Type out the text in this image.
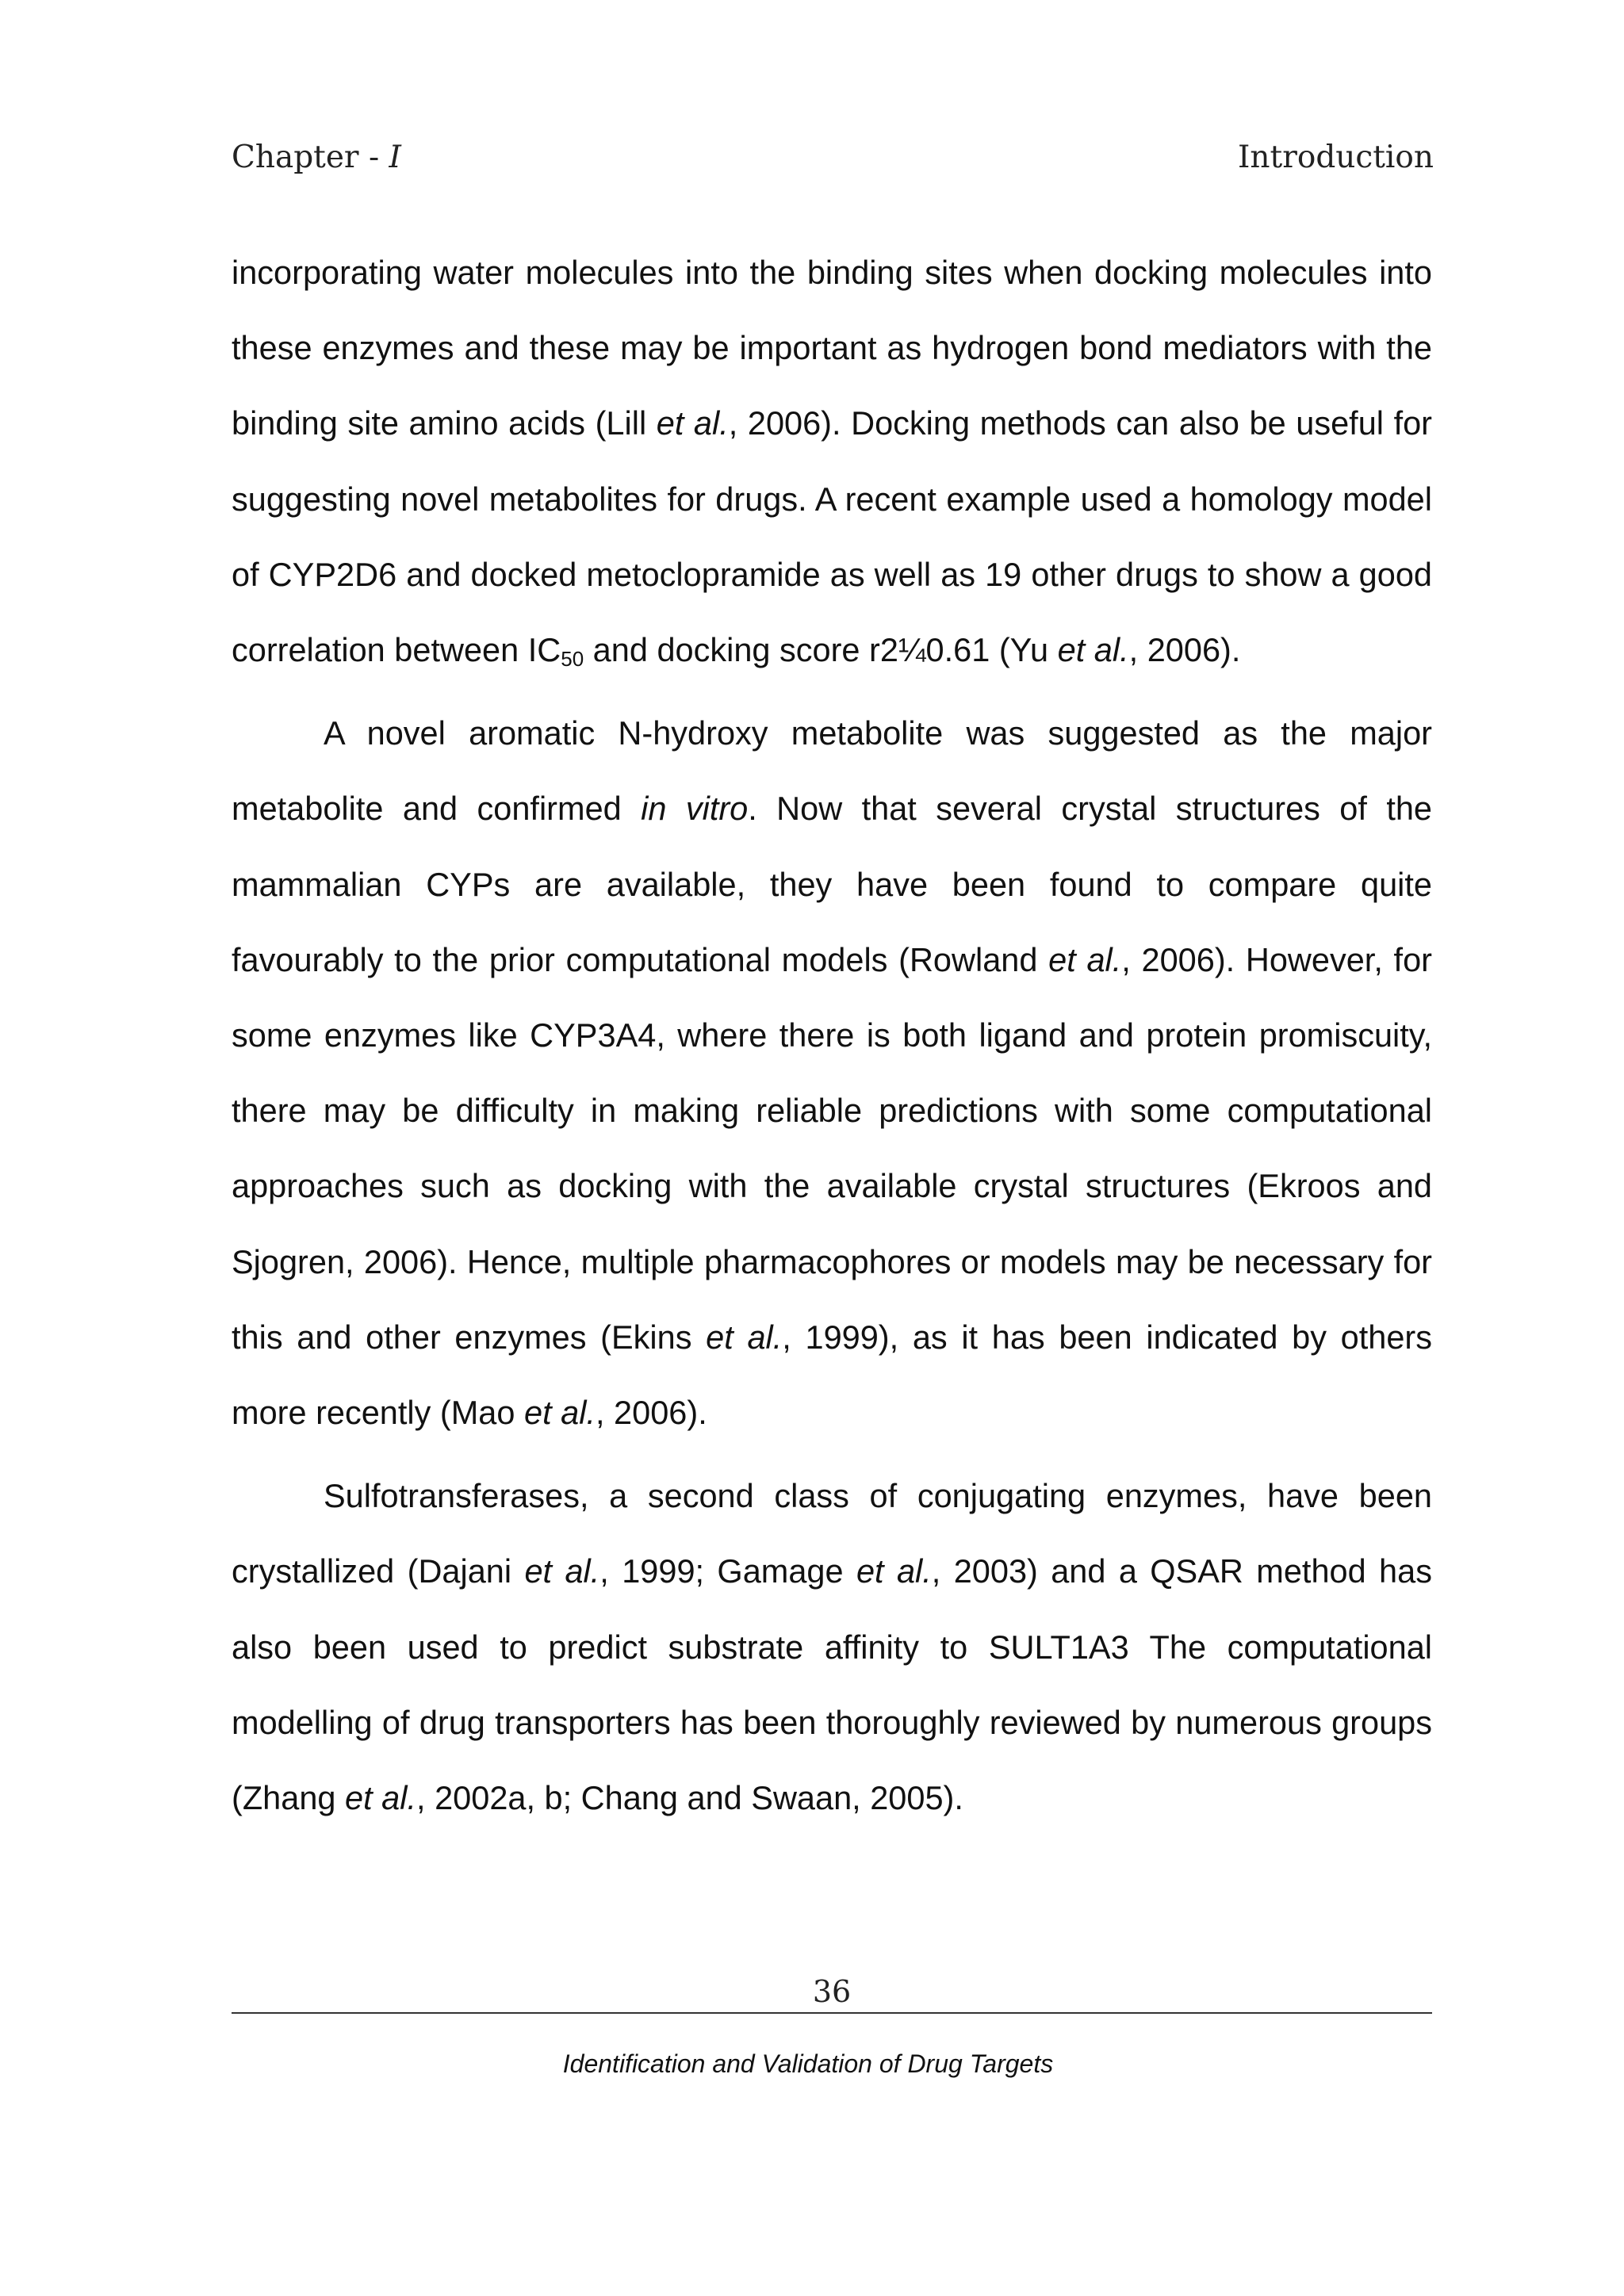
Chapter - I	Introduction

incorporating water molecules into the binding sites when docking molecules into these enzymes and these may be important as hydrogen bond mediators with the binding site amino acids (Lill et al., 2006). Docking methods can also be useful for suggesting novel metabolites for drugs. A recent example used a homology model of CYP2D6 and docked metoclopramide as well as 19 other drugs to show a good correlation between $IC_{50}$ and docking score r2¼0.61 (Yu et al., 2006).

A novel aromatic N-hydroxy metabolite was suggested as the major metabolite and confirmed in vitro. Now that several crystal structures of the mammalian CYPs are available, they have been found to compare quite favourably to the prior computational models (Rowland et al., 2006). However, for some enzymes like CYP3A4, where there is both ligand and protein promiscuity, there may be difficulty in making reliable predictions with some computational approaches such as docking with the available crystal structures (Ekroos and Sjogren, 2006). Hence, multiple pharmacophores or models may be necessary for this and other enzymes (Ekins et al., 1999), as it has been indicated by others more recently (Mao et al., 2006).

Sulfotransferases, a second class of conjugating enzymes, have been crystallized (Dajani et al., 1999; Gamage et al., 2003) and a QSAR method has also been used to predict substrate affinity to SULT1A3 The computational modelling of drug transporters has been thoroughly reviewed by numerous groups (Zhang et al., 2002a, b; Chang and Swaan, 2005).

36
Identification and Validation of Drug Targets
